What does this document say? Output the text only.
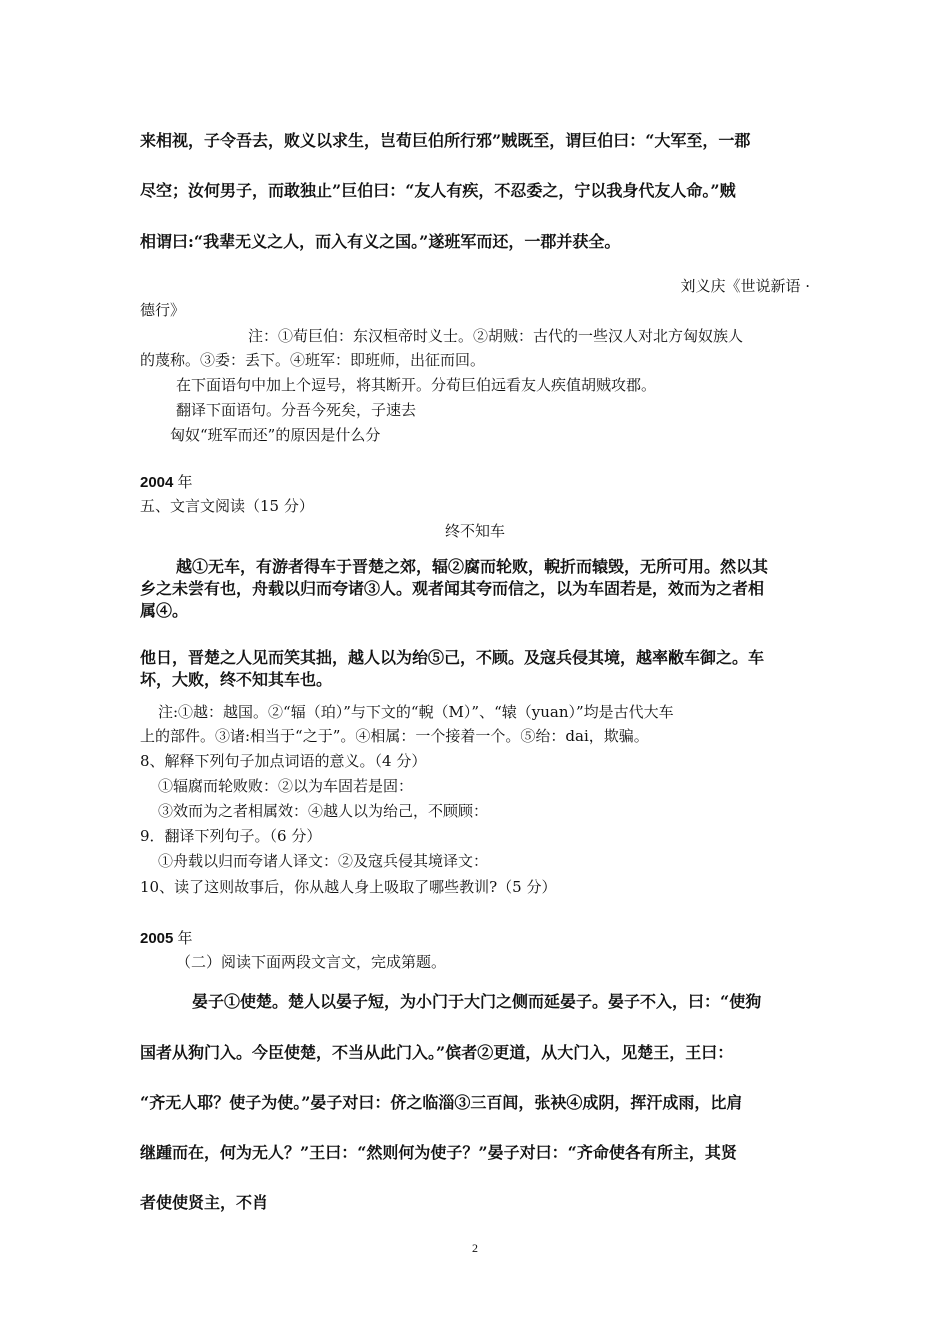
来相视，子令吾去，败义以求生，岂荀巨伯所行邪”贼既至，谓巨伯曰：“大军至，一郡
尽空；汝何男子，而敢独止”巨伯曰：“友人有疾，不忍委之，宁以我身代友人命。”贼
相谓曰:“我辈无义之人，而入有义之国。”遂班军而还，一郡并获全。
刘义庆《世说新语 ·
德行》
注：①荀巨伯：东汉桓帝时义士。②胡贼：古代的一些汉人对北方匈奴族人
的蔑称。③委：丢下。④班军：即班师，出征而回。
在下面语句中加上个逗号，将其断开。分荀巨伯远看友人疾值胡贼攻郡。
翻译下面语句。分吾今死矣，子速去
匈奴“班军而还”的原因是什么分
2004 年
五、文言文阅读（15 分）
终不知车
越①无车，有游者得车于晋楚之郊，辐②腐而轮败，輗折而辕毁，无所可用。然以其
乡之未尝有也，舟载以归而夸诸③人。观者闻其夸而信之，以为车固若是，效而为之者相
属④。
他日，晋楚之人见而笑其拙，越人以为绐⑤己，不顾。及寇兵侵其境，越率敝车御之。车
坏，大败，终不知其车也。
注:①越：越国。②“辐（珀）”与下文的“輗（M）”、“辕（yuan）”均是古代大车
上的部件。③诸:相当于“之于”。④相属：一个接着一个。⑤绐：dai，欺骗。
8、解释下列句子加点词语的意义。（4 分）
①辐腐而轮败败：②以为车固若是固：
③效而为之者相属效：④越人以为绐己，不顾顾：
9．翻译下列句子。（6 分）
①舟载以归而夸诸人译文：②及寇兵侵其境译文：
10、读了这则故事后，你从越人身上吸取了哪些教训?（5 分）
2005 年
（二）阅读下面两段文言文，完成第题。
晏子①使楚。楚人以晏子短，为小门于大门之侧而延晏子。晏子不入，曰：“使狗
国者从狗门入。今臣使楚，不当从此门入。”傧者②更道，从大门入，见楚王，王曰：
“齐无人耶？使子为使。”晏子对曰：侪之临淄③三百闾，张袂④成阴，挥汗成雨，比肩
继踵而在，何为无人？”王曰：“然则何为使子？”晏子对曰：“齐命使各有所主，其贤
者使使贤主，不肖
2
